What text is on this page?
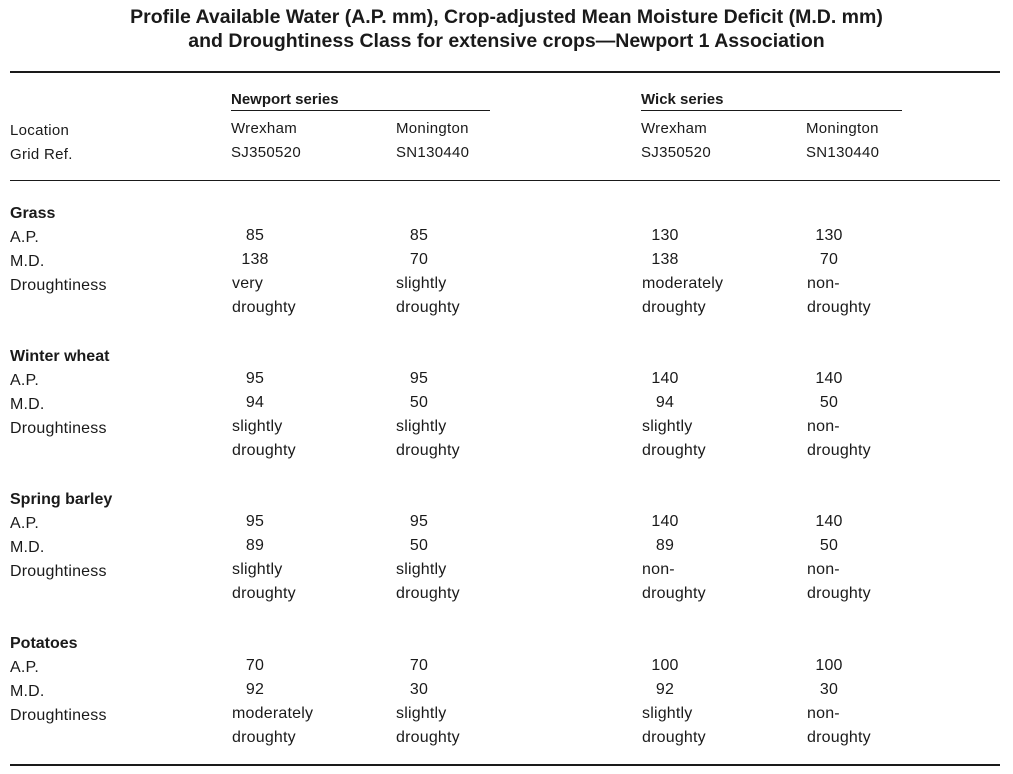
Profile Available Water (A.P. mm), Crop-adjusted Mean Moisture Deficit (M.D. mm)

and Droughtiness Class for extensive crops—Newport 1 Association

Newport series	Wick series
Location
Grid Ref.
Wrexham
SJ350520
Monington
SN130440
Wrexham
SJ350520
Monington
SN130440
Grass
A.P.
M.D.
Droughtiness
85
138
very
droughty
85
70
slightly
droughty
130
138
moderately
droughty
130
70
non-
droughty
Winter wheat
A.P.
M.D.
Droughtiness
95
94
slightly
droughty
95
50
slightly
droughty
140
94
slightly
droughty
140
50
non-
droughty
Spring barley
A.P.
M.D.
Droughtiness
95
89
slightly
droughty
95
50
slightly
droughty
140
89
non-
droughty
140
50
non-
droughty
Potatoes
A.P.
M.D.
Droughtiness
70
92
moderately
droughty
70
30
slightly
droughty
100
92
slightly
droughty
100
30
non-
droughty
